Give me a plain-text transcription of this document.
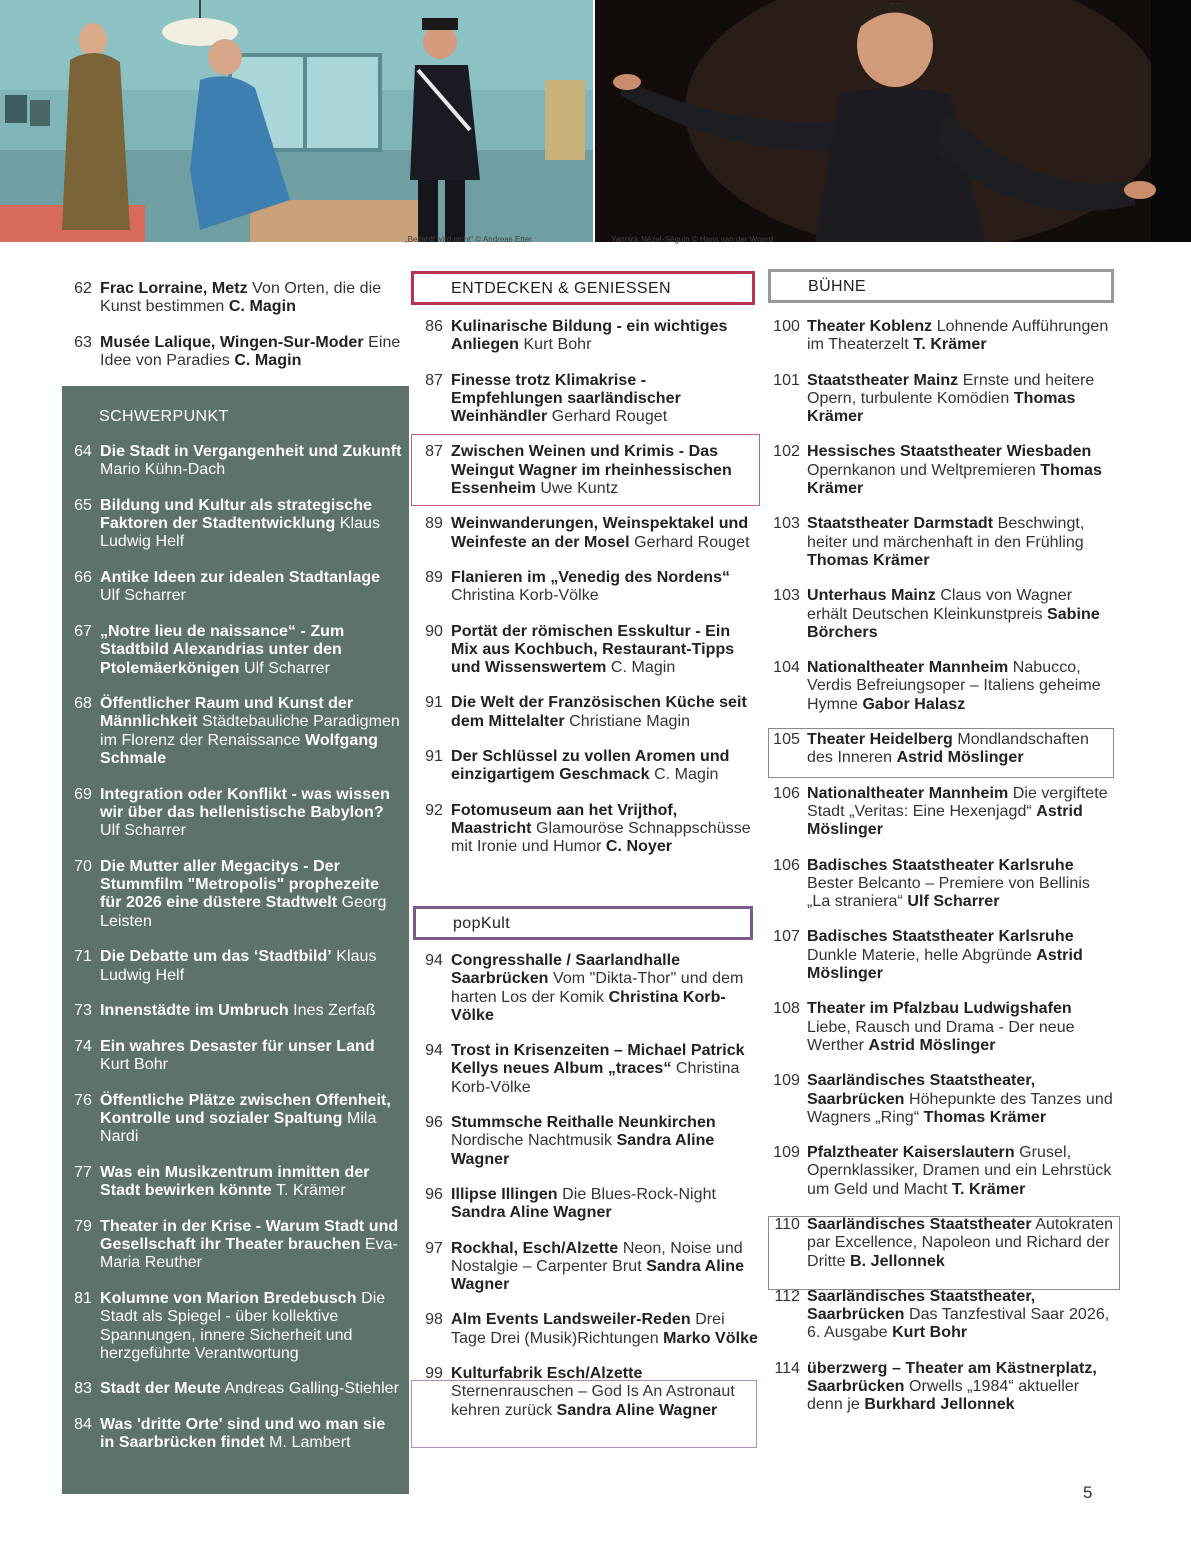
„Bezahlt wird nicht“ © Andreas Etter	Yannick Nézet-Séguin © Hans van der Woerd
62 Frac Lorraine, Metz Von Orten, die die Kunst bestimmen C. Magin
63 Musée Lalique, Wingen-Sur-Moder Eine Idee von Paradies C. Magin
SCHWERPUNKT
64 Die Stadt in Vergangenheit und Zukunft Mario Kühn-Dach
65 Bildung und Kultur als strategische Faktoren der Stadtentwicklung Klaus Ludwig Helf
66 Antike Ideen zur idealen Stadtanlage Ulf Scharrer
67 „Notre lieu de naissance“ - Zum Stadtbild Alexandrias unter den Ptolemäerkönigen Ulf Scharrer
68 Öffentlicher Raum und Kunst der Männlichkeit Städtebauliche Paradigmen im Florenz der Renaissance Wolfgang Schmale
69 Integration oder Konflikt - was wissen wir über das hellenistische Babylon? Ulf Scharrer
70 Die Mutter aller Megacitys - Der Stummfilm "Metropolis" prophezeite für 2026 eine düstere Stadtwelt Georg Leisten
71 Die Debatte um das ‘Stadtbild’ Klaus Ludwig Helf
73 Innenstädte im Umbruch Ines Zerfaß
74 Ein wahres Desaster für unser Land Kurt Bohr
76 Öffentliche Plätze zwischen Offenheit, Kontrolle und sozialer Spaltung Mila Nardi
77 Was ein Musikzentrum inmitten der Stadt bewirken könnte T. Krämer
79 Theater in der Krise - Warum Stadt und Gesellschaft ihr Theater brauchen Eva-Maria Reuther
81 Kolumne von Marion Bredebusch Die Stadt als Spiegel - über kollektive Spannungen, innere Sicherheit und herzgeführte Verantwortung
83 Stadt der Meute Andreas Galling-Stiehler
84 Was 'dritte Orte' sind und wo man sie in Saarbrücken findet M. Lambert
ENTDECKEN & GENIESSEN
86 Kulinarische Bildung - ein wichtiges Anliegen Kurt Bohr
87 Finesse trotz Klimakrise - Empfehlungen saarländischer Weinhändler Gerhard Rouget
87 Zwischen Weinen und Krimis - Das Weingut Wagner im rheinhessischen Essenheim Uwe Kuntz
89 Weinwanderungen, Weinspektakel und Weinfeste an der Mosel Gerhard Rouget
89 Flanieren im „Venedig des Nordens“ Christina Korb-Völke
90 Portät der römischen Esskultur - Ein Mix aus Kochbuch, Restaurant-Tipps und Wissenswertem C. Magin
91 Die Welt der Französischen Küche seit dem Mittelalter Christiane Magin
91 Der Schlüssel zu vollen Aromen und einzigartigem Geschmack C. Magin
92 Fotomuseum aan het Vrijthof, Maastricht Glamouröse Schnappschüsse mit Ironie und Humor C. Noyer
popKult
94 Congresshalle / Saarlandhalle Saarbrücken Vom "Dikta-Thor" und dem harten Los der Komik Christina Korb-Völke
94 Trost in Krisenzeiten – Michael Patrick Kellys neues Album „traces“ Christina Korb-Völke
96 Stummsche Reithalle Neunkirchen Nordische Nachtmusik Sandra Aline Wagner
96 Illipse Illingen Die Blues-Rock-Night Sandra Aline Wagner
97 Rockhal, Esch/Alzette Neon, Noise und Nostalgie – Carpenter Brut Sandra Aline Wagner
98 Alm Events Landsweiler-Reden Drei Tage Drei (Musik)Richtungen Marko Völke
99 Kulturfabrik Esch/Alzette Sternenrauschen – God Is An Astronaut kehren zurück Sandra Aline Wagner
BÜHNE
100 Theater Koblenz Lohnende Aufführungen im Theaterzelt T. Krämer
101 Staatstheater Mainz Ernste und heitere Opern, turbulente Komödien Thomas Krämer
102 Hessisches Staatstheater Wiesbaden Opernkanon und Weltpremieren Thomas Krämer
103 Staatstheater Darmstadt Beschwingt, heiter und märchenhaft in den Frühling Thomas Krämer
103 Unterhaus Mainz Claus von Wagner erhält Deutschen Kleinkunstpreis Sabine Börchers
104 Nationaltheater Mannheim Nabucco, Verdis Befreiungsoper – Italiens geheime Hymne Gabor Halasz
105 Theater Heidelberg Mondlandschaften des Inneren Astrid Möslinger
106 Nationaltheater Mannheim Die vergiftete Stadt „Veritas: Eine Hexenjagd“ Astrid Möslinger
106 Badisches Staatstheater Karlsruhe Bester Belcanto – Premiere von Bellinis „La straniera“ Ulf Scharrer
107 Badisches Staatstheater Karlsruhe Dunkle Materie, helle Abgründe Astrid Möslinger
108 Theater im Pfalzbau Ludwigshafen Liebe, Rausch und Drama - Der neue Werther Astrid Möslinger
109 Saarländisches Staatstheater, Saarbrücken Höhepunkte des Tanzes und Wagners „Ring“ Thomas Krämer
109 Pfalztheater Kaiserslautern Grusel, Opernklassiker, Dramen und ein Lehrstück um Geld und Macht T. Krämer
110 Saarländisches Staatstheater Autokraten par Excellence, Napoleon und Richard der Dritte B. Jellonnek
112 Saarländisches Staatstheater, Saarbrücken Das Tanzfestival Saar 2026, 6. Ausgabe Kurt Bohr
114 überzwerg – Theater am Kästnerplatz, Saarbrücken Orwells „1984“ aktueller denn je Burkhard Jellonnek
5
